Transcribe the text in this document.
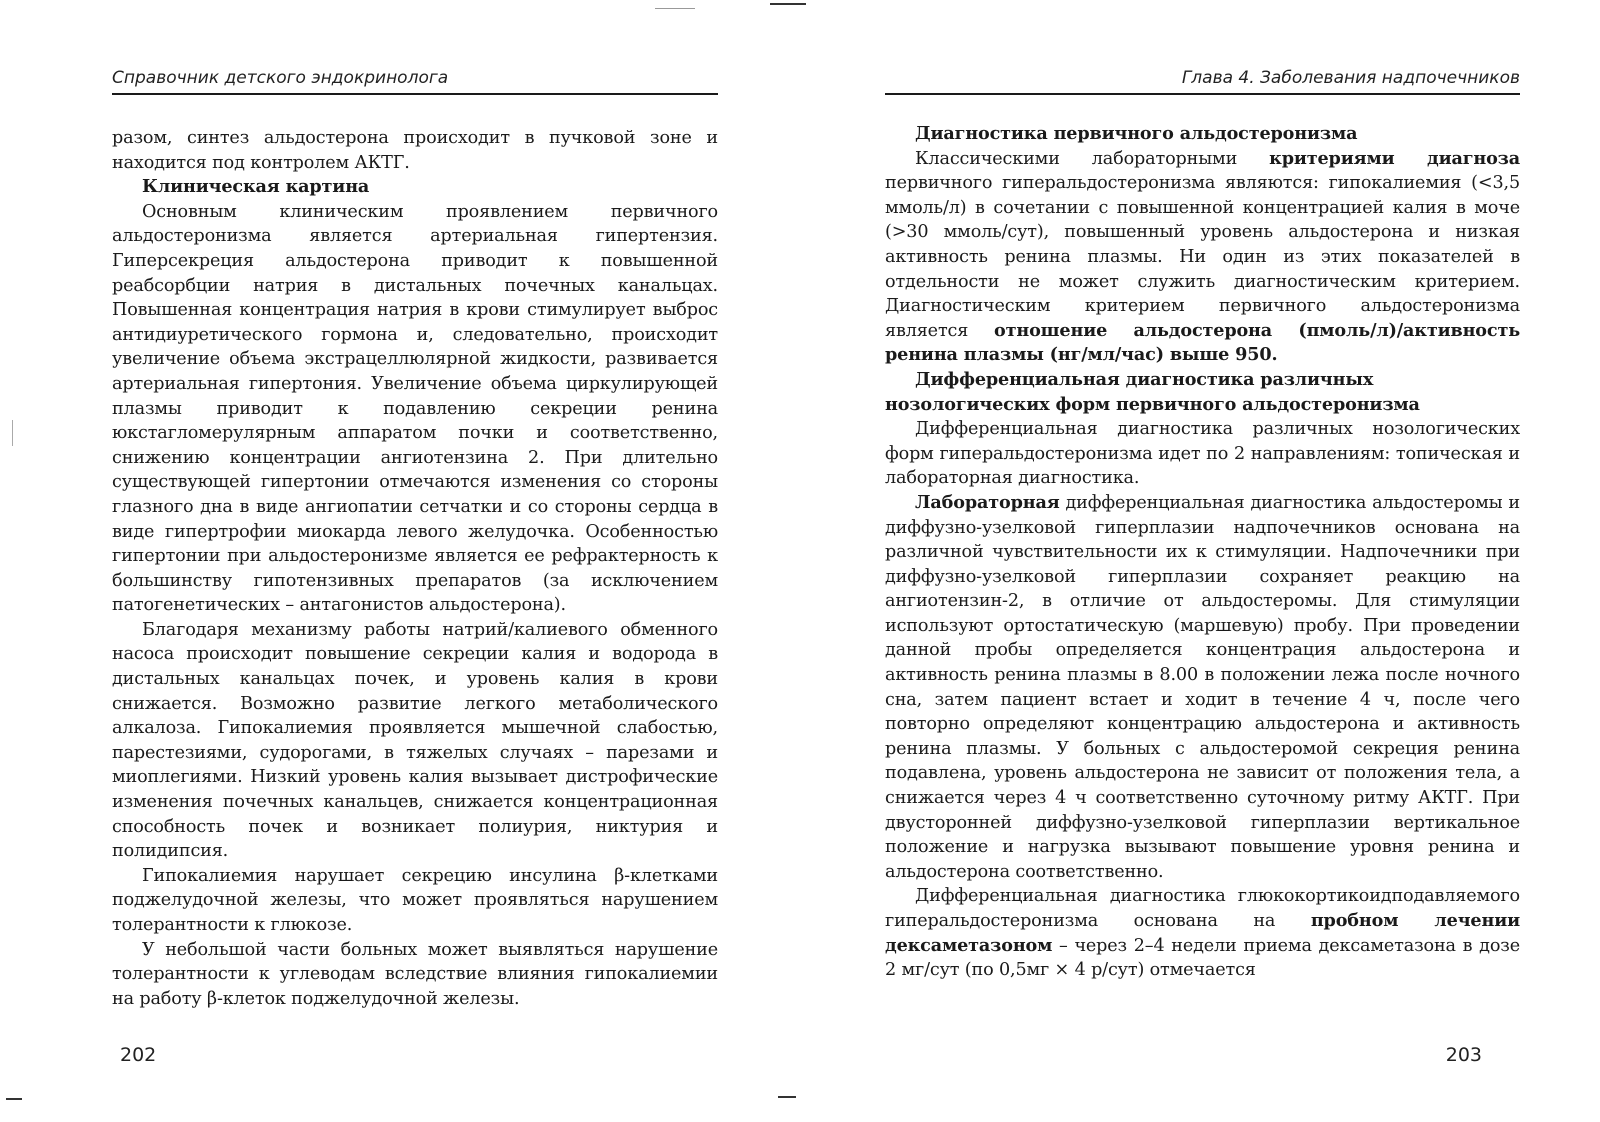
Справочник детского эндокринолога

разом, синтез альдостерона происходит в пучковой зоне и находится под контролем АКТГ.

Клиническая картина

Основным клиническим проявлением первичного альдостеронизма является артериальная гипертензия. Гиперсекреция альдостерона приводит к повышенной реабсорбции натрия в дистальных почечных канальцах. Повышенная концентрация натрия в крови стимулирует выброс антидиуретического гормона и, следовательно, происходит увеличение объема экстрацеллюлярной жидкости, развивается артериальная гипертония. Увеличение объема циркулирующей плазмы приводит к подавлению секреции ренина юкстагломерулярным аппаратом почки и соответственно, снижению концентрации ангиотензина 2. При длительно существующей гипертонии отмечаются изменения со стороны глазного дна в виде ангиопатии сетчатки и со стороны сердца в виде гипертрофии миокарда левого желудочка. Особенностью гипертонии при альдостеронизме является ее рефрактерность к большинству гипотензивных препаратов (за исключением патогенетических – антагонистов альдостерона).

Благодаря механизму работы натрий/калиевого обменного насоса происходит повышение секреции калия и водорода в дистальных канальцах почек, и уровень калия в крови снижается. Возможно развитие легкого метаболического алкалоза. Гипокалиемия проявляется мышечной слабостью, парестезиями, судорогами, в тяжелых случаях – парезами и миоплегиями. Низкий уровень калия вызывает дистрофические изменения почечных канальцев, снижается концентрационная способность почек и возникает полиурия, никтурия и полидипсия.

Гипокалиемия нарушает секрецию инсулина β-клетками поджелудочной железы, что может проявляться нарушением толерантности к глюкозе.

У небольшой части больных может выявляться нарушение толерантности к углеводам вследствие влияния гипокалиемии на работу β-клеток поджелудочной железы.

202
Глава 4. Заболевания надпочечников
Диагностика первичного альдостеронизма

Классическими лабораторными критериями диагноза первичного гиперальдостеронизма являются: гипокалиемия (<3,5 ммоль/л) в сочетании с повышенной концентрацией калия в моче (>30 ммоль/сут), повышенный уровень альдостерона и низкая активность ренина плазмы. Ни один из этих показателей в отдельности не может служить диагностическим критерием. Диагностическим критерием первичного альдостеронизма является отношение альдостерона (пмоль/л)/активность ренина плазмы (нг/мл/час) выше 950.

Дифференциальная диагностика различных нозологических форм первичного альдостеронизма

Дифференциальная диагностика различных нозологических форм гиперальдостеронизма идет по 2 направлениям: топическая и лабораторная диагностика.

Лабораторная дифференциальная диагностика альдостеромы и диффузно-узелковой гиперплазии надпочечников основана на различной чувствительности их к стимуляции. Надпочечники при диффузно-узелковой гиперплазии сохраняет реакцию на ангиотензин-2, в отличие от альдостеромы. Для стимуляции используют ортостатическую (маршевую) пробу. При проведении данной пробы определяется концентрация альдостерона и активность ренина плазмы в 8.00 в положении лежа после ночного сна, затем пациент встает и ходит в течение 4 ч, после чего повторно определяют концентрацию альдостерона и активность ренина плазмы. У больных с альдостеромой секреция ренина подавлена, уровень альдостерона не зависит от положения тела, а снижается через 4 ч соответственно суточному ритму АКТГ. При двусторонней диффузно-узелковой гиперплазии вертикальное положение и нагрузка вызывают повышение уровня ренина и альдостерона соответственно.

Дифференциальная диагностика глюкокортикоидподавляемого гиперальдостеронизма основана на пробном лечении дексаметазоном – через 2–4 недели приема дексаметазона в дозе 2 мг/сут (по 0,5мг × 4 р/сут) отмечается

203
